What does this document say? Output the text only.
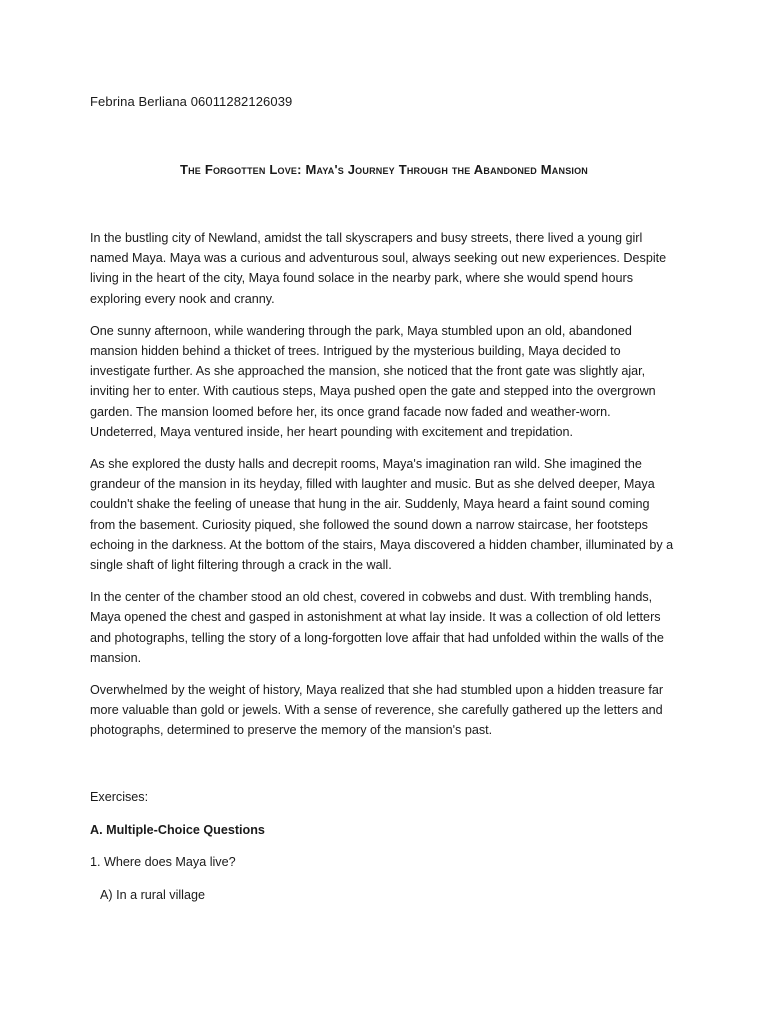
Febrina Berliana 06011282126039
The Forgotten Love: Maya's Journey Through the Abandoned Mansion

In the bustling city of Newland, amidst the tall skyscrapers and busy streets, there lived a young girl named Maya. Maya was a curious and adventurous soul, always seeking out new experiences. Despite living in the heart of the city, Maya found solace in the nearby park, where she would spend hours exploring every nook and cranny.

One sunny afternoon, while wandering through the park, Maya stumbled upon an old, abandoned mansion hidden behind a thicket of trees. Intrigued by the mysterious building, Maya decided to investigate further. As she approached the mansion, she noticed that the front gate was slightly ajar, inviting her to enter. With cautious steps, Maya pushed open the gate and stepped into the overgrown garden. The mansion loomed before her, its once grand facade now faded and weather-worn. Undeterred, Maya ventured inside, her heart pounding with excitement and trepidation.

As she explored the dusty halls and decrepit rooms, Maya's imagination ran wild. She imagined the grandeur of the mansion in its heyday, filled with laughter and music. But as she delved deeper, Maya couldn't shake the feeling of unease that hung in the air. Suddenly, Maya heard a faint sound coming from the basement. Curiosity piqued, she followed the sound down a narrow staircase, her footsteps echoing in the darkness. At the bottom of the stairs, Maya discovered a hidden chamber, illuminated by a single shaft of light filtering through a crack in the wall.

In the center of the chamber stood an old chest, covered in cobwebs and dust. With trembling hands, Maya opened the chest and gasped in astonishment at what lay inside. It was a collection of old letters and photographs, telling the story of a long-forgotten love affair that had unfolded within the walls of the mansion.

Overwhelmed by the weight of history, Maya realized that she had stumbled upon a hidden treasure far more valuable than gold or jewels. With a sense of reverence, she carefully gathered up the letters and photographs, determined to preserve the memory of the mansion's past.

Exercises:
A. Multiple-Choice Questions
1. Where does Maya live?
A) In a rural village
